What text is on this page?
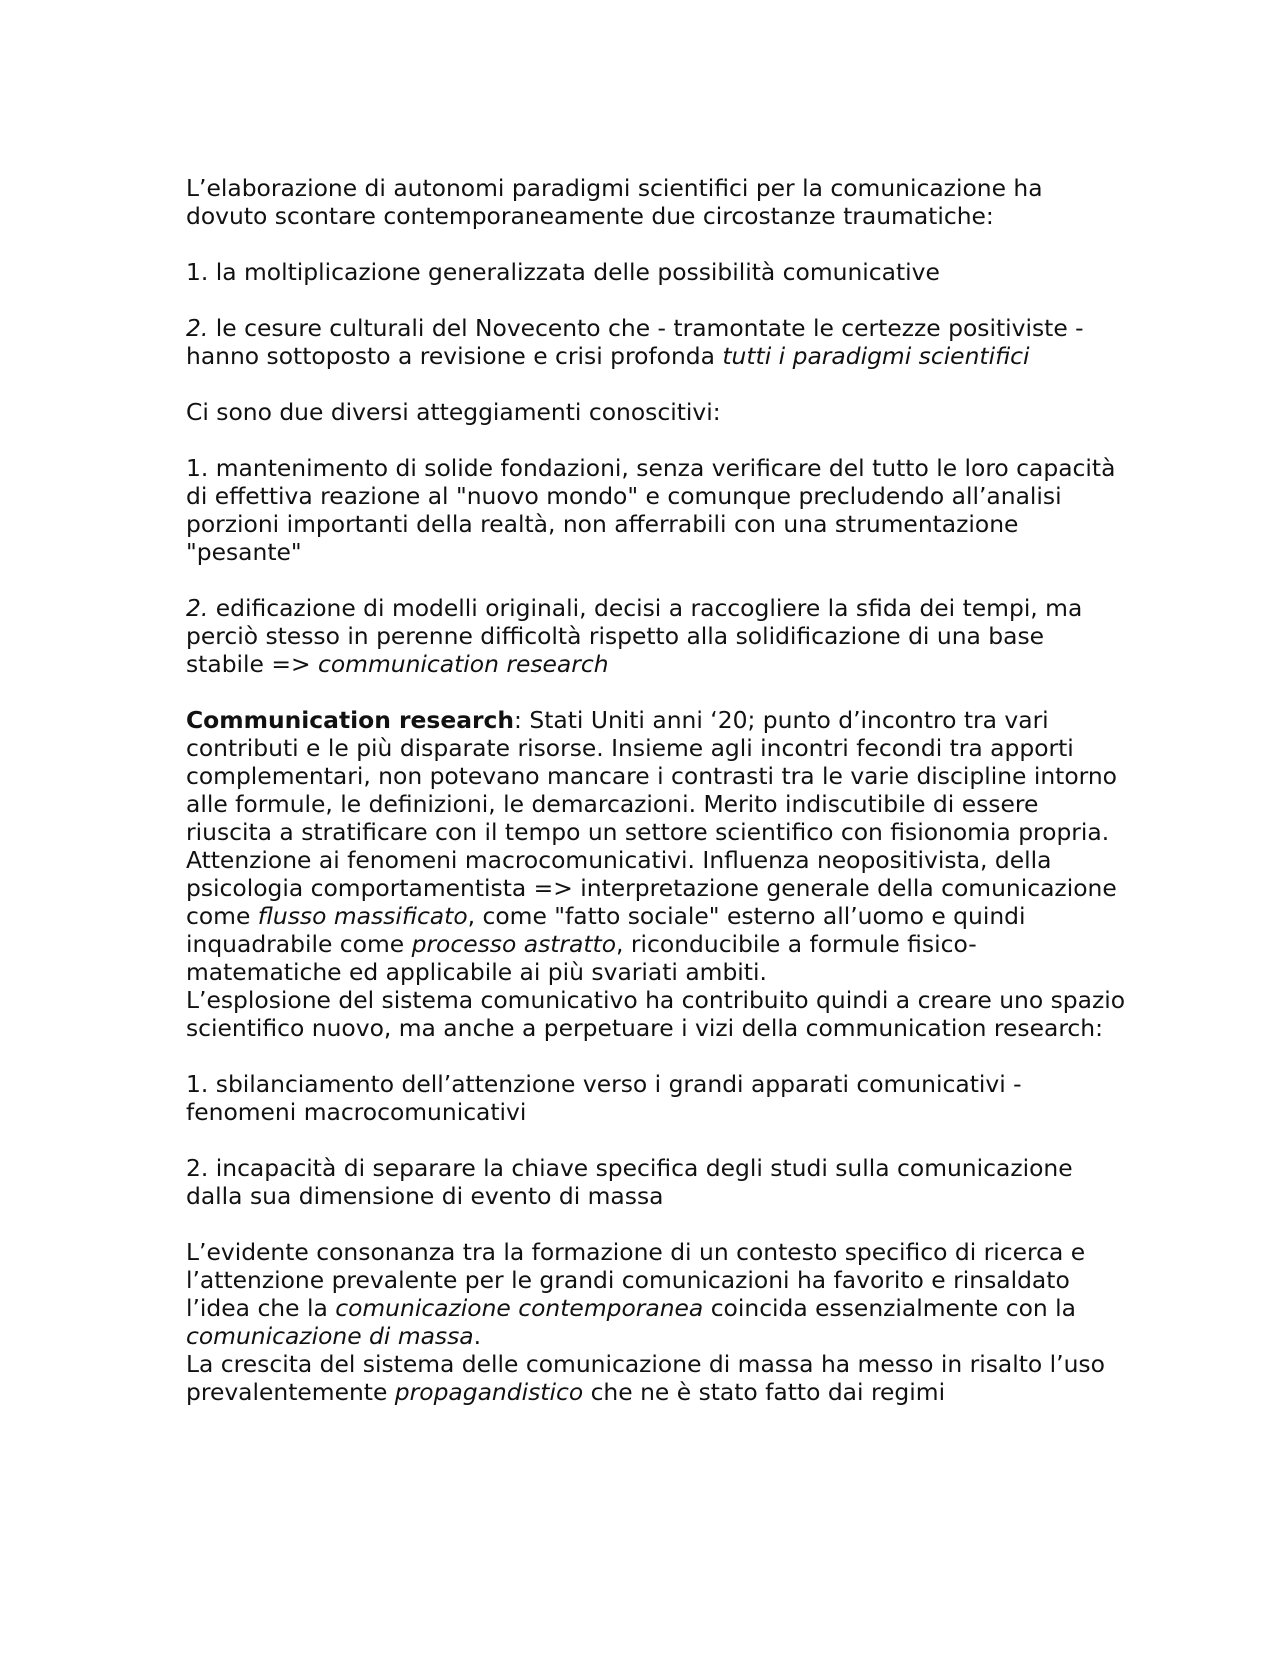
L’elaborazione di autonomi paradigmi scientifici per la comunicazione ha dovuto scontare contemporaneamente due circostanze traumatiche:

1. la moltiplicazione generalizzata delle possibilità comunicative

2. le cesure culturali del Novecento che - tramontate le certezze positiviste - hanno sottoposto a revisione e crisi profonda tutti i paradigmi scientifici

Ci sono due diversi atteggiamenti conoscitivi:

1. mantenimento di solide fondazioni, senza verificare del tutto le loro capacità di effettiva reazione al "nuovo mondo" e comunque precludendo all’analisi porzioni importanti della realtà, non afferrabili con una strumentazione "pesante"

2. edificazione di modelli originali, decisi a raccogliere la sfida dei tempi, ma perciò stesso in perenne difficoltà rispetto alla solidificazione di una base stabile => communication research

Communication research: Stati Uniti anni ‘20; punto d’incontro tra vari contributi e le più disparate risorse. Insieme agli incontri fecondi tra apporti complementari, non potevano mancare i contrasti tra le varie discipline intorno alle formule, le definizioni, le demarcazioni. Merito indiscutibile di essere riuscita a stratificare con il tempo un settore scientifico con fisionomia propria. Attenzione ai fenomeni macrocomunicativi. Influenza neopositivista, della psicologia comportamentista => interpretazione generale della comunicazione come flusso massificato, come "fatto sociale" esterno all’uomo e quindi inquadrabile come processo astratto, riconducibile a formule fisico-matematiche ed applicabile ai più svariati ambiti.

L’esplosione del sistema comunicativo ha contribuito quindi a creare uno spazio scientifico nuovo, ma anche a perpetuare i vizi della communication research:

1. sbilanciamento dell’attenzione verso i grandi apparati comunicativi - fenomeni macrocomunicativi

2. incapacità di separare la chiave specifica degli studi sulla comunicazione dalla sua dimensione di evento di massa

L’evidente consonanza tra la formazione di un contesto specifico di ricerca e l’attenzione prevalente per le grandi comunicazioni ha favorito e rinsaldato l’idea che la comunicazione contemporanea coincida essenzialmente con la comunicazione di massa.

La crescita del sistema delle comunicazione di massa ha messo in risalto l’uso prevalentemente propagandistico che ne è stato fatto dai regimi
